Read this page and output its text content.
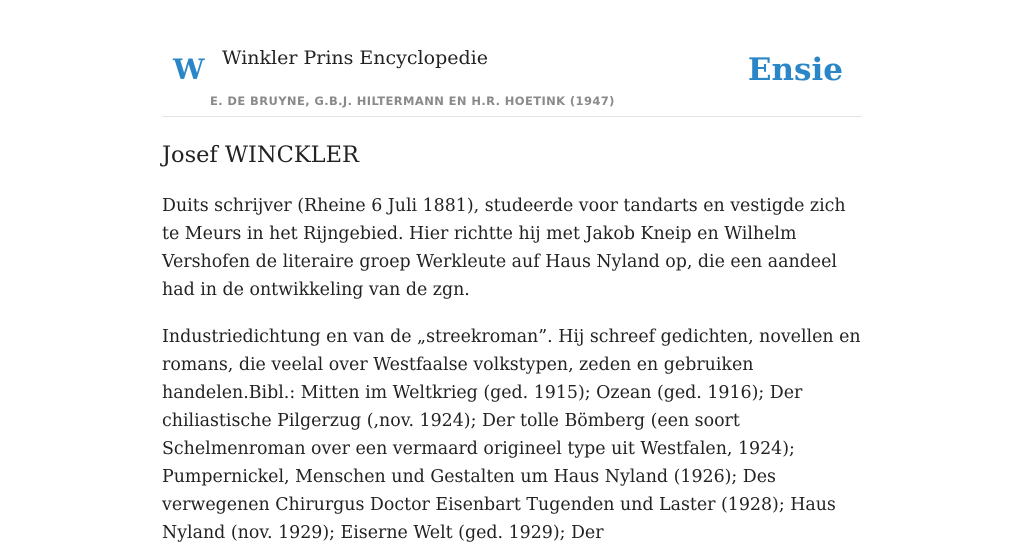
W Winkler Prins Encyclopedie
E. DE BRUYNE, G.B.J. HILTERMANN EN H.R. HOETINK (1947)
Ensie
Josef WINCKLER

Duits schrijver (Rheine 6 Juli 1881), studeerde voor tandarts en vestigde zich te Meurs in het Rijngebied. Hier richtte hij met Jakob Kneip en Wilhelm Vershofen de literaire groep Werkleute auf Haus Nyland op, die een aandeel had in de ontwikkeling van de zgn.

Industriedichtung en van de „streekroman”. Hij schreef gedichten, novellen en romans, die veelal over Westfaalse volkstypen, zeden en gebruiken handelen.Bibl.: Mitten im Weltkrieg (ged. 1915); Ozean (ged. 1916); Der chiliastische Pilgerzug (,nov. 1924); Der tolle Bömberg (een soort Schelmenroman over een vermaard origineel type uit Westfalen, 1924); Pumpernickel, Menschen und Gestalten um Haus Nyland (1926); Des verwegenen Chirurgus Doctor Eisenbart Tugenden und Laster (1928); Haus Nyland (nov. 1929); Eiserne Welt (ged. 1929); Der
